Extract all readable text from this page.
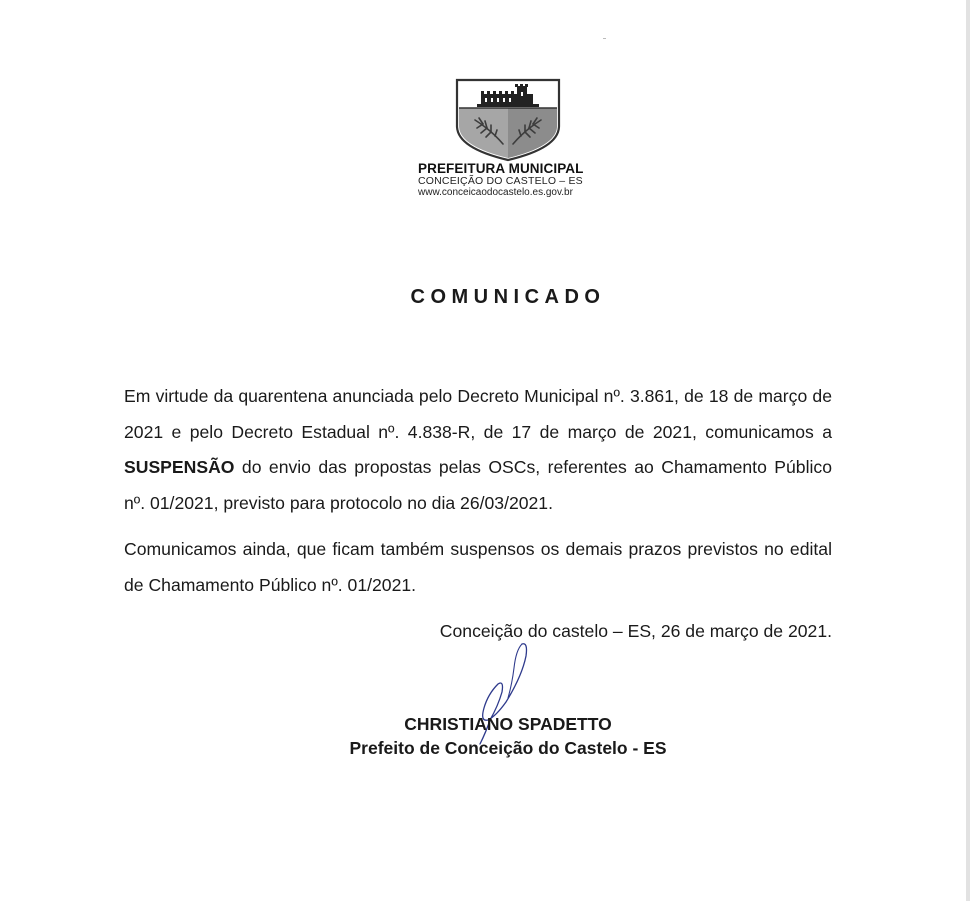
PREFEITURA MUNICIPAL
CONCEIÇÃO DO CASTELO – ES
www.conceicaodocastelo.es.gov.br
COMUNICADO

Em virtude da quarentena anunciada pelo Decreto Municipal nº. 3.861, de 18 de março de 2021 e pelo Decreto Estadual nº. 4.838-R, de 17 de março de 2021, comunicamos a SUSPENSÃO do envio das propostas pelas OSCs, referentes ao Chamamento Público nº. 01/2021, previsto para protocolo no dia 26/03/2021.

Comunicamos ainda, que ficam também suspensos os demais prazos previstos no edital de Chamamento Público nº. 01/2021.

Conceição do castelo – ES, 26 de março de 2021.
CHRISTIANO SPADETTO
Prefeito de Conceição do Castelo - ES
